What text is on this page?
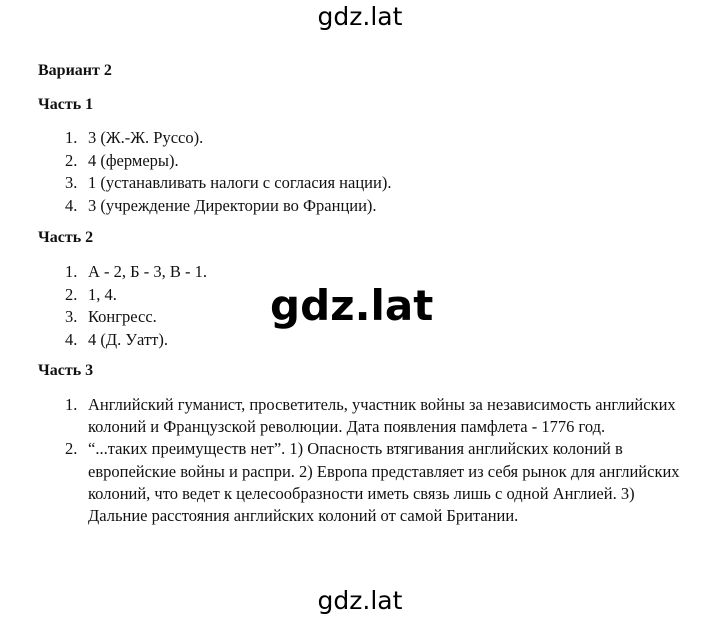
gdz.lat
Вариант 2
Часть 1
1. 3 (Ж.-Ж. Руссо).
2. 4 (фермеры).
3. 1 (устанавливать налоги с согласия нации).
4. 3 (учреждение Директории во Франции).
Часть 2
1. А - 2, Б - 3, В - 1.
2. 1, 4.
3. Конгресс.
4. 4 (Д. Уатт).
Часть 3
1. Английский гуманист, просветитель, участник войны за независимость английских колоний и Французской революции. Дата появления памфлета - 1776 год.
2. “...таких преимуществ нет”. 1) Опасность втягивания английских колоний в европейские войны и распри. 2) Европа представляет из себя рынок для английских колоний, что ведет к целесообразности иметь связь лишь с одной Англией. 3) Дальние расстояния английских колоний от самой Британии.
gdz.lat
gdz.lat
